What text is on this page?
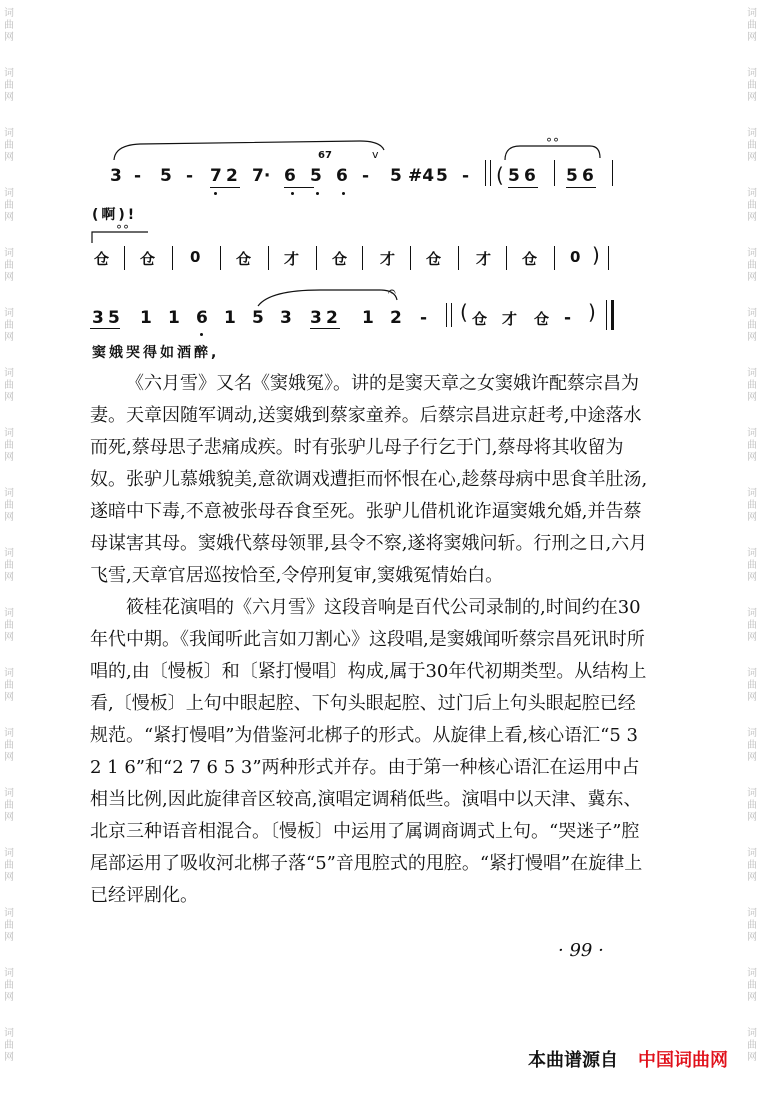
词曲网
词曲网
词曲网
词曲网
词曲网
词曲网
词曲网
词曲网
词曲网
词曲网
词曲网
词曲网
词曲网
词曲网
词曲网
词曲网
词曲网
词曲网
词曲网
词曲网
词曲网
词曲网
词曲网
词曲网
词曲网
词曲网
词曲网
词曲网
词曲网
词曲网
词曲网
词曲网
词曲网
词曲网
词曲网
词曲网
3 - 5 - 7 2 7· 6 5 6 - 5 #4 5 - 5 6 5 6
67	v
°°
(
(啊)!
°°
仓 仓 0 仓 才 仓 才 仓 才 仓 0 )
3 5 1 1 6 1 5 3 3 2 1 2 -	仓 才 仓 -
𝄐
(	)
窦娥哭得如酒醉,

《六月雪》又名《窦娥冤》。讲的是窦天章之女窦娥许配蔡宗昌为妻。天章因随军调动,送窦娥到蔡家童养。后蔡宗昌进京赶考,中途落水而死,蔡母思子悲痛成疾。时有张驴儿母子行乞于门,蔡母将其收留为奴。张驴儿慕娥貌美,意欲调戏遭拒而怀恨在心,趁蔡母病中思食羊肚汤,遂暗中下毒,不意被张母吞食至死。张驴儿借机讹诈逼窦娥允婚,并告蔡母谋害其母。窦娥代蔡母领罪,县令不察,遂将窦娥问斩。行刑之日,六月飞雪,天章官居巡按恰至,令停刑复审,窦娥冤情始白。

筱桂花演唱的《六月雪》这段音响是百代公司录制的,时间约在30年代中期。《我闻听此言如刀割心》这段唱,是窦娥闻听蔡宗昌死讯时所唱的,由〔慢板〕和〔紧打慢唱〕构成,属于30年代初期类型。从结构上看,〔慢板〕上句中眼起腔、下句头眼起腔、过门后上句头眼起腔已经规范。“紧打慢唱”为借鉴河北梆子的形式。从旋律上看,核心语汇“5 3 2 1 6”和“2 7 6 5 3”两种形式并存。由于第一种核心语汇在运用中占相当比例,因此旋律音区较高,演唱定调稍低些。演唱中以天津、冀东、北京三种语音相混合。〔慢板〕中运用了属调商调式上句。“哭迷子”腔尾部运用了吸收河北梆子落“5”音甩腔式的甩腔。“紧打慢唱”在旋律上已经评剧化。

· 99 ·
本曲谱源自 中国词曲网
